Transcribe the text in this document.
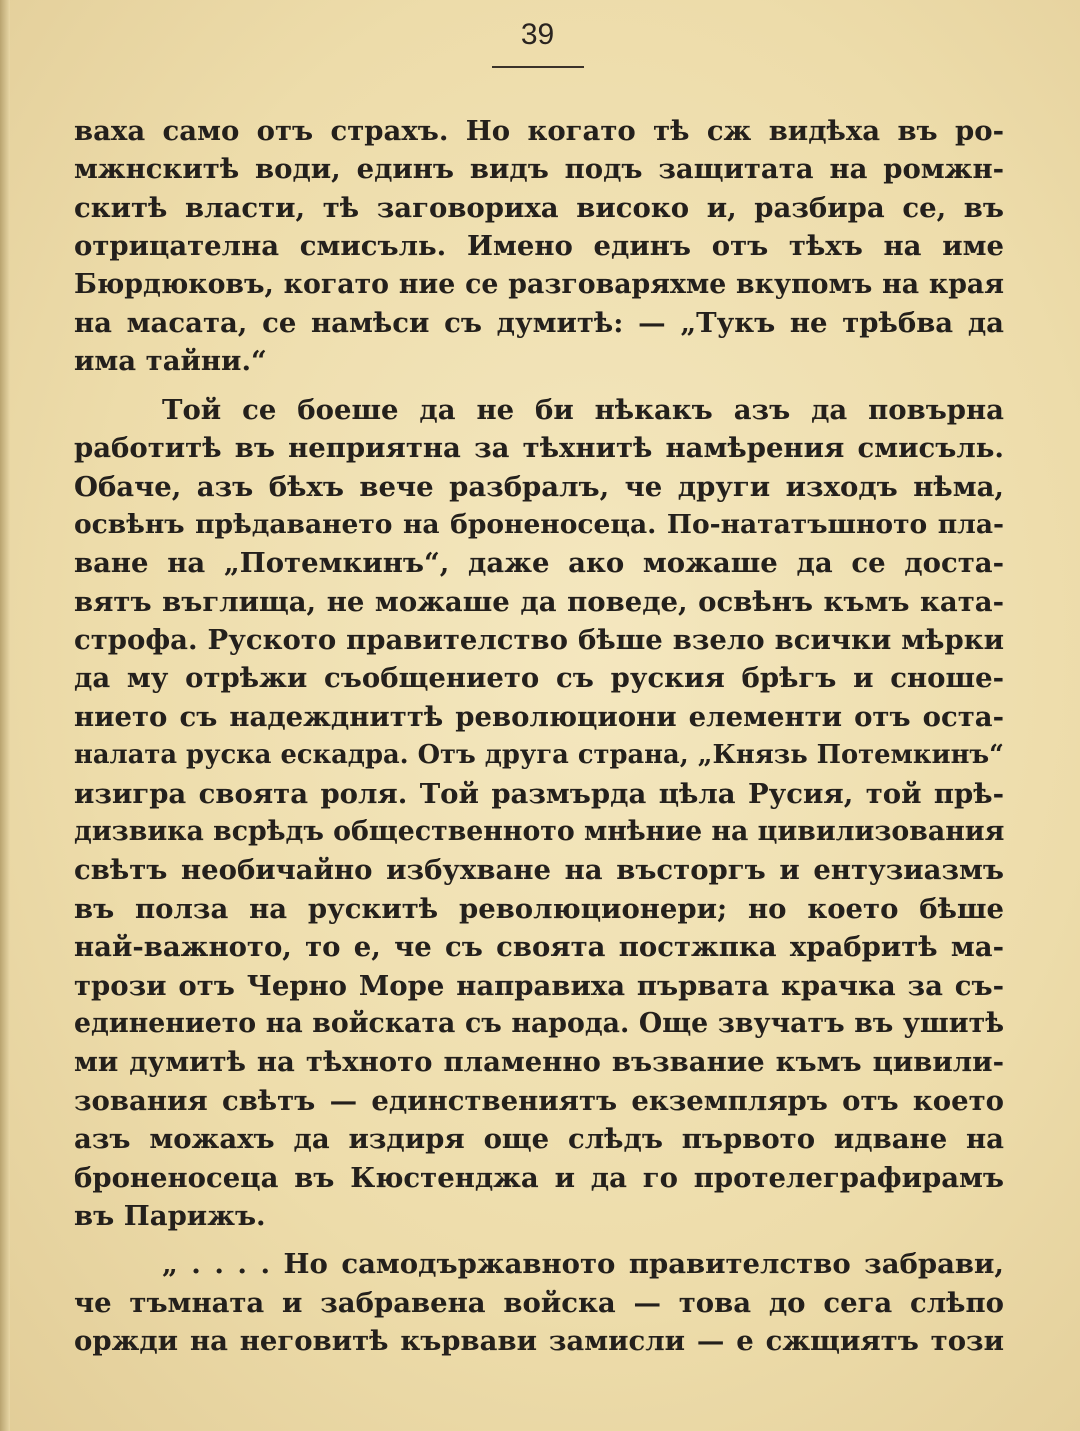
39
ваха само отъ страхъ. Но когато тѣ сж видѣха въ ро-
мжнскитѣ води, единъ видъ подъ защитата на ромжн-
скитѣ власти, тѣ заговориха високо и, разбира се, въ
отрицателна смисъль. Имено единъ отъ тѣхъ на име
Бюрдюковъ, когато ние се разговаряхме вкупомъ на края
на масата, се намѣси съ думитѣ: — „Тукъ не трѣбва да
има тайни.“
Той се боеше да не би нѣкакъ азъ да повърна
работитѣ въ неприятна за тѣхнитѣ намѣрения смисъль.
Обаче, азъ бѣхъ вече разбралъ, че други изходъ нѣма,
освѣнъ прѣдаването на броненосеца. По-нататъшното пла-
ване на „Потемкинъ“, даже ако можаше да се доста-
вятъ въглища, не можаше да поведе, освѣнъ къмъ ката-
строфа. Руското правителство бѣше взело всички мѣрки
да му отрѣжи съобщението съ руския брѣгъ и сноше-
нието съ надеждниттѣ революциони елементи отъ оста-
налата руска ескадра. Отъ друга страна, „Князь Потемкинъ“
изигра своята роля. Той размърда цѣла Русия, той прѣ-
дизвика всрѣдъ общественното мнѣние на цивилизования
свѣтъ необичайно избухване на въсторгъ и ентузиазмъ
въ полза на рускитѣ революционери; но което бѣше
най-важното, то е, че съ своята постжпка храбритѣ ма-
трози отъ Черно Море направиха първата крачка за съ-
единението на войската съ народа. Още звучатъ въ ушитѣ
ми думитѣ на тѣхното пламенно възвание къмъ цивили-
зования свѣтъ — единствениятъ екземпляръ отъ което
азъ можахъ да издиря още слѣдъ първото идване на
броненосеца въ Кюстенджа и да го протелеграфирамъ
въ Парижъ.
„ . . . . Но самодържавното правителство забрави,
че тъмната и забравена войска — това до сега слѣпо
оржди на неговитѣ кървави замисли — е сжщиятъ този
